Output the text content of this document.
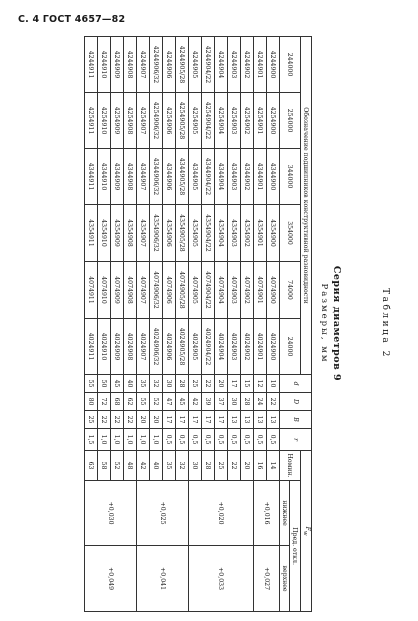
С. 4 ГОСТ 4657—82
Таблица 2
Серия диаметров 9
Размеры, мм
Обозначение подшипников конструктивной разновидности						d	D	B	r	Fw		
244000	254000	344000	354000	74000	24000					Номин.	Пред. откл.	
											нижнее	верхнее
4244900	4254900	4344900	4354900	4074900	4024900	10	22	13	0,5	14	+0,016	+0,027
4244901	4254901	4344901	4354901	4074901	4024901	12	24	13	0,5	16		
4244902	4254902	4344902	4354902	4074902	4024902	15	28	13	0,5	20	+0,020	+0,033
4244903	4254903	4344903	4354903	4074903	4024903	17	30	13	0,5	22		
4244904	4254904	4344904	4354904	4074904	4024904	20	37	17	0,5	25		
4244904/22	4254904/22	4344904/22	4354904/22	4074904/22	4024904/22	22	39	17	0,5	28		
4244905	4254905	4344905	4354905	4074905	4024905	25	42	17	0,5	30		
4244905/28	4254905/28	4344905/28	4354905/28	4074905/28	4024905/28	28	45	17	0,5	32	+0,025	+0,041
4244906	4254906	4344906	4354906	4074906	4024906	30	47	17	0,5	35		
4244906/32	4254906/32	4344906/32	4354906/32	4074906/32	4024906/32	32	52	20	1,0	40		
4244907	4254907	4344907	4354907	4074907	4024907	35	55	20	1,0	42		
4244908	4254908	4344908	4354908	4074908	4024908	40	62	22	1,0	48	+0,030	+0,049
4244909	4254909	4344909	4354909	4074909	4024909	45	68	22	1,0	52		
4244910	4254910	4344910	4354910	4074910	4024910	50	72	22	1,0	58		
4244911	4254911	4344911	4354911	4074911	4024911	55	80	25	1,5	63		
